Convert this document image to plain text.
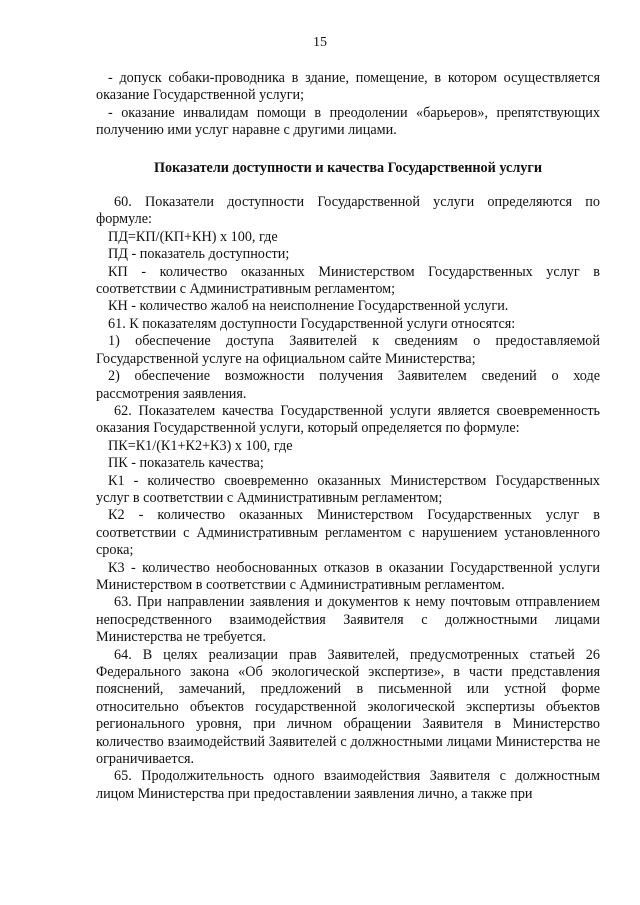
15

- допуск собаки-проводника в здание, помещение, в котором осуществляется оказание Государственной услуги;

- оказание инвалидам помощи в преодолении «барьеров», препятствующих получению ими услуг наравне с другими лицами.

Показатели доступности и качества Государственной услуги

60. Показатели доступности Государственной услуги определяются по формуле:

ПД=КП/(КП+КН) x 100, где

ПД - показатель доступности;

КП - количество оказанных Министерством Государственных услуг в соответствии с Административным регламентом;

КН - количество жалоб на неисполнение Государственной услуги.

61. К показателям доступности Государственной услуги относятся:

1) обеспечение доступа Заявителей к сведениям о предоставляемой Государственной услуге на официальном сайте Министерства;

2) обеспечение возможности получения Заявителем сведений о ходе рассмотрения заявления.

62. Показателем качества Государственной услуги является своевременность оказания Государственной услуги, который определяется по формуле:

ПК=К1/(К1+К2+К3) x 100, где

ПК - показатель качества;

К1 - количество своевременно оказанных Министерством Государственных услуг в соответствии с Административным регламентом;

К2 - количество оказанных Министерством Государственных услуг в соответствии с Административным регламентом с нарушением установленного срока;

К3 - количество необоснованных отказов в оказании Государственной услуги Министерством в соответствии с Административным регламентом.

63. При направлении заявления и документов к нему почтовым отправлением непосредственного взаимодействия Заявителя с должностными лицами Министерства не требуется.

64. В целях реализации прав Заявителей, предусмотренных статьей 26 Федерального закона «Об экологической экспертизе», в части представления пояснений, замечаний, предложений в письменной или устной форме относительно объектов государственной экологической экспертизы объектов регионального уровня, при личном обращении Заявителя в Министерство количество взаимодействий Заявителей с должностными лицами Министерства не ограничивается.

65. Продолжительность одного взаимодействия Заявителя с должностным лицом Министерства при предоставлении заявления лично, а также при
